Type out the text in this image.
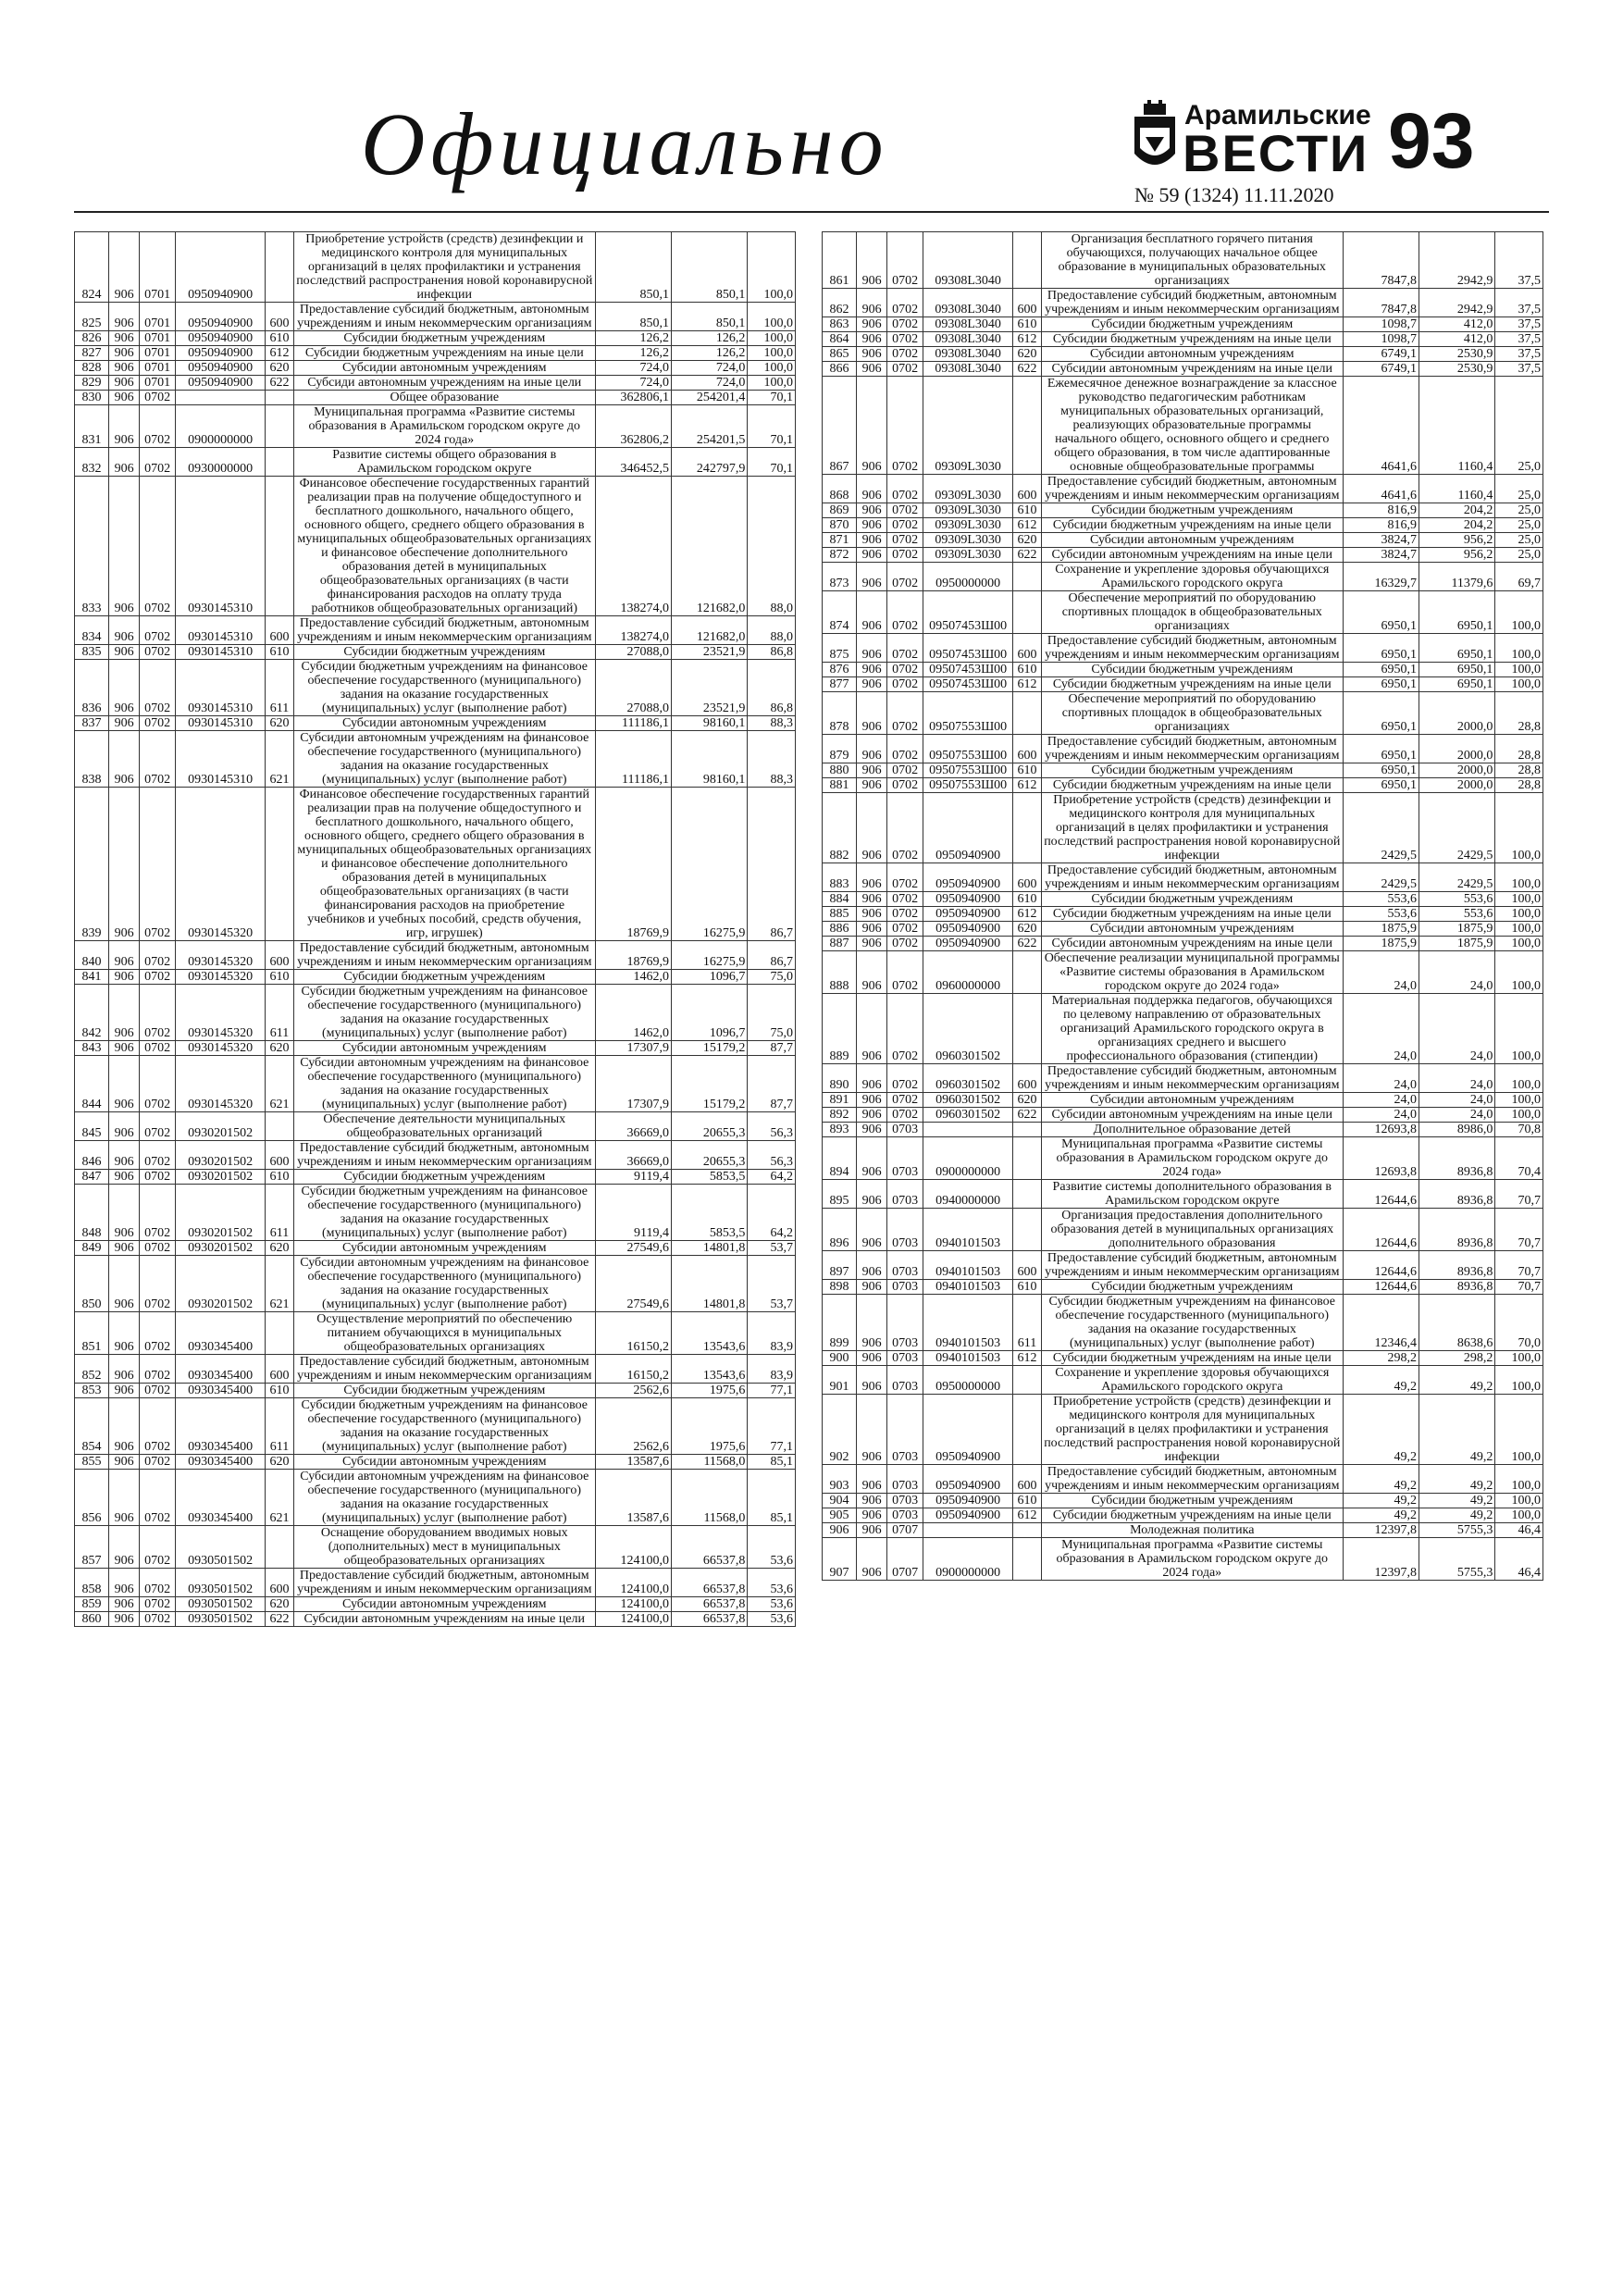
Официально	Арамильские
ВЕСТИ 93
№ 59 (1324) 11.11.2020
824	906	0701	0950940900		Приобретение устройств (средств) дезинфекции и медицинского контроля для муниципальных организаций в целях профилактики и устранения последствий распространения новой коронавирусной инфекции	850,1	850,1	100,0
825	906	0701	0950940900	600	Предоставление субсидий бюджетным, автономным учреждениям и иным некоммерческим организациям	850,1	850,1	100,0
826	906	0701	0950940900	610	Субсидии бюджетным учреждениям	126,2	126,2	100,0
827	906	0701	0950940900	612	Субсидии бюджетным учреждениям на иные цели	126,2	126,2	100,0
828	906	0701	0950940900	620	Субсидии автономным учреждениям	724,0	724,0	100,0
829	906	0701	0950940900	622	Субсиди автономным учреждениям на иные цели	724,0	724,0	100,0
830	906	0702			Общее образование	362806,1	254201,4	70,1
831	906	0702	0900000000		Муниципальная программа «Развитие системы образования в Арамильском городском округе до 2024 года»	362806,2	254201,5	70,1
832	906	0702	0930000000		Развитие системы общего образования в Арамильском городском округе	346452,5	242797,9	70,1
833	906	0702	0930145310		Финансовое обеспечение государственных гарантий реализации прав на получение общедоступного и бесплатного дошкольного, начального общего, основного общего, среднего общего образования в муниципальных общеобразовательных организациях и финансовое обеспечение дополнительного образования детей в муниципальных общеобразовательных организациях (в части финансирования расходов на оплату труда работников общеобразовательных организаций)	138274,0	121682,0	88,0
834	906	0702	0930145310	600	Предоставление субсидий бюджетным, автономным учреждениям и иным некоммерческим организациям	138274,0	121682,0	88,0
835	906	0702	0930145310	610	Субсидии бюджетным учреждениям	27088,0	23521,9	86,8
836	906	0702	0930145310	611	Субсидии бюджетным учреждениям на финансовое обеспечение государственного (муниципального) задания на оказание государственных (муниципальных) услуг (выполнение работ)	27088,0	23521,9	86,8
837	906	0702	0930145310	620	Субсидии автономным учреждениям	111186,1	98160,1	88,3
838	906	0702	0930145310	621	Субсидии автономным учреждениям на финансовое обеспечение государственного (муниципального) задания на оказание государственных (муниципальных) услуг (выполнение работ)	111186,1	98160,1	88,3
839	906	0702	0930145320		Финансовое обеспечение государственных гарантий реализации прав на получение общедоступного и бесплатного дошкольного, начального общего, основного общего, среднего общего образования в муниципальных общеобразовательных организациях и финансовое обеспечение дополнительного образования детей в муниципальных общеобразовательных организациях (в части финансирования расходов на приобретение учебников и учебных пособий, средств обучения, игр, игрушек)	18769,9	16275,9	86,7
840	906	0702	0930145320	600	Предоставление субсидий бюджетным, автономным учреждениям и иным некоммерческим организациям	18769,9	16275,9	86,7
841	906	0702	0930145320	610	Субсидии бюджетным учреждениям	1462,0	1096,7	75,0
842	906	0702	0930145320	611	Субсидии бюджетным учреждениям на финансовое обеспечение государственного (муниципального) задания на оказание государственных (муниципальных) услуг (выполнение работ)	1462,0	1096,7	75,0
843	906	0702	0930145320	620	Субсидии автономным учреждениям	17307,9	15179,2	87,7
844	906	0702	0930145320	621	Субсидии автономным учреждениям на финансовое обеспечение государственного (муниципального) задания на оказание государственных (муниципальных) услуг (выполнение работ)	17307,9	15179,2	87,7
845	906	0702	0930201502		Обеспечение деятельности муниципальных общеобразовательных организаций	36669,0	20655,3	56,3
846	906	0702	0930201502	600	Предоставление субсидий бюджетным, автономным учреждениям и иным некоммерческим организациям	36669,0	20655,3	56,3
847	906	0702	0930201502	610	Субсидии бюджетным учреждениям	9119,4	5853,5	64,2
848	906	0702	0930201502	611	Субсидии бюджетным учреждениям на финансовое обеспечение государственного (муниципального) задания на оказание государственных (муниципальных) услуг (выполнение работ)	9119,4	5853,5	64,2
849	906	0702	0930201502	620	Субсидии автономным учреждениям	27549,6	14801,8	53,7
850	906	0702	0930201502	621	Субсидии автономным учреждениям на финансовое обеспечение государственного (муниципального) задания на оказание государственных (муниципальных) услуг (выполнение работ)	27549,6	14801,8	53,7
851	906	0702	0930345400		Осуществление мероприятий по обеспечению питанием обучающихся в муниципальных общеобразовательных организациях	16150,2	13543,6	83,9
852	906	0702	0930345400	600	Предоставление субсидий бюджетным, автономным учреждениям и иным некоммерческим организациям	16150,2	13543,6	83,9
853	906	0702	0930345400	610	Субсидии бюджетным учреждениям	2562,6	1975,6	77,1
854	906	0702	0930345400	611	Субсидии бюджетным учреждениям на финансовое обеспечение государственного (муниципального) задания на оказание государственных (муниципальных) услуг (выполнение работ)	2562,6	1975,6	77,1
855	906	0702	0930345400	620	Субсидии автономным учреждениям	13587,6	11568,0	85,1
856	906	0702	0930345400	621	Субсидии автономным учреждениям на финансовое обеспечение государственного (муниципального) задания на оказание государственных (муниципальных) услуг (выполнение работ)	13587,6	11568,0	85,1
857	906	0702	0930501502		Оснащение оборудованием вводимых новых (дополнительных) мест в муниципальных общеобразовательных организациях	124100,0	66537,8	53,6
858	906	0702	0930501502	600	Предоставление субсидий бюджетным, автономным учреждениям и иным некоммерческим организациям	124100,0	66537,8	53,6
859	906	0702	0930501502	620	Субсидии автономным учреждениям	124100,0	66537,8	53,6
860	906	0702	0930501502	622	Субсидии автономным учреждениям на иные цели	124100,0	66537,8	53,6
861	906	0702	09308L3040		Организация бесплатного горячего питания обучающихся, получающих начальное общее образование в муниципальных образовательных организациях	7847,8	2942,9	37,5
862	906	0702	09308L3040	600	Предоставление субсидий бюджетным, автономным учреждениям и иным некоммерческим организациям	7847,8	2942,9	37,5
863	906	0702	09308L3040	610	Субсидии бюджетным учреждениям	1098,7	412,0	37,5
864	906	0702	09308L3040	612	Субсидии бюджетным учреждениям на иные цели	1098,7	412,0	37,5
865	906	0702	09308L3040	620	Субсидии автономным учреждениям	6749,1	2530,9	37,5
866	906	0702	09308L3040	622	Субсидии автономным учреждениям на иные цели	6749,1	2530,9	37,5
867	906	0702	09309L3030		Ежемесячное денежное вознаграждение за классное руководство педагогическим работникам муниципальных образовательных организаций, реализующих образовательные программы начального общего, основного общего и среднего общего образования, в том числе адаптированные основные общеобразовательные программы	4641,6	1160,4	25,0
868	906	0702	09309L3030	600	Предоставление субсидий бюджетным, автономным учреждениям и иным некоммерческим организациям	4641,6	1160,4	25,0
869	906	0702	09309L3030	610	Субсидии бюджетным учреждениям	816,9	204,2	25,0
870	906	0702	09309L3030	612	Субсидии бюджетным учреждениям на иные цели	816,9	204,2	25,0
871	906	0702	09309L3030	620	Субсидии автономным учреждениям	3824,7	956,2	25,0
872	906	0702	09309L3030	622	Субсидии автономным учреждениям на иные цели	3824,7	956,2	25,0
873	906	0702	0950000000		Сохранение и укрепление здоровья обучающихся Арамильского городского округа	16329,7	11379,6	69,7
874	906	0702	09507453Ш00		Обеспечение мероприятий по оборудованию спортивных площадок в общеобразовательных организациях	6950,1	6950,1	100,0
875	906	0702	09507453Ш00	600	Предоставление субсидий бюджетным, автономным учреждениям и иным некоммерческим организациям	6950,1	6950,1	100,0
876	906	0702	09507453Ш00	610	Субсидии бюджетным учреждениям	6950,1	6950,1	100,0
877	906	0702	09507453Ш00	612	Субсидии бюджетным учреждениям на иные цели	6950,1	6950,1	100,0
878	906	0702	09507553Ш00		Обеспечение мероприятий по оборудованию спортивных площадок в общеобразовательных организациях	6950,1	2000,0	28,8
879	906	0702	09507553Ш00	600	Предоставление субсидий бюджетным, автономным учреждениям и иным некоммерческим организациям	6950,1	2000,0	28,8
880	906	0702	09507553Ш00	610	Субсидии бюджетным учреждениям	6950,1	2000,0	28,8
881	906	0702	09507553Ш00	612	Субсидии бюджетным учреждениям на иные цели	6950,1	2000,0	28,8
882	906	0702	0950940900		Приобретение устройств (средств) дезинфекции и медицинского контроля для муниципальных организаций в целях профилактики и устранения последствий распространения новой коронавирусной инфекции	2429,5	2429,5	100,0
883	906	0702	0950940900	600	Предоставление субсидий бюджетным, автономным учреждениям и иным некоммерческим организациям	2429,5	2429,5	100,0
884	906	0702	0950940900	610	Субсидии бюджетным учреждениям	553,6	553,6	100,0
885	906	0702	0950940900	612	Субсидии бюджетным учреждениям на иные цели	553,6	553,6	100,0
886	906	0702	0950940900	620	Субсидии автономным учреждениям	1875,9	1875,9	100,0
887	906	0702	0950940900	622	Субсидии автономным учреждениям на иные цели	1875,9	1875,9	100,0
888	906	0702	0960000000		Обеспечение реализации муниципальной программы «Развитие системы образования в Арамильском городском округе до 2024 года»	24,0	24,0	100,0
889	906	0702	0960301502		Материальная поддержка педагогов, обучающихся по целевому направлению от образовательных организаций Арамильского городского округа в организациях среднего и высшего профессионального образования (стипендии)	24,0	24,0	100,0
890	906	0702	0960301502	600	Предоставление субсидий бюджетным, автономным учреждениям и иным некоммерческим организациям	24,0	24,0	100,0
891	906	0702	0960301502	620	Субсидии автономным учреждениям	24,0	24,0	100,0
892	906	0702	0960301502	622	Субсидии автономным учреждениям на иные цели	24,0	24,0	100,0
893	906	0703			Дополнительное образование детей	12693,8	8986,0	70,8
894	906	0703	0900000000		Муниципальная программа «Развитие системы образования в Арамильском городском округе до 2024 года»	12693,8	8936,8	70,4
895	906	0703	0940000000		Развитие системы дополнительного образования в Арамильском городском округе	12644,6	8936,8	70,7
896	906	0703	0940101503		Организация предоставления дополнительного образования детей в муниципальных организациях дополнительного образования	12644,6	8936,8	70,7
897	906	0703	0940101503	600	Предоставление субсидий бюджетным, автономным учреждениям и иным некоммерческим организациям	12644,6	8936,8	70,7
898	906	0703	0940101503	610	Субсидии бюджетным учреждениям	12644,6	8936,8	70,7
899	906	0703	0940101503	611	Субсидии бюджетным учреждениям на финансовое обеспечение государственного (муниципального) задания на оказание государственных (муниципальных) услуг (выполнение работ)	12346,4	8638,6	70,0
900	906	0703	0940101503	612	Субсидии бюджетным учреждениям на иные цели	298,2	298,2	100,0
901	906	0703	0950000000		Сохранение и укрепление здоровья обучающихся Арамильского городского округа	49,2	49,2	100,0
902	906	0703	0950940900		Приобретение устройств (средств) дезинфекции и медицинского контроля для муниципальных организаций в целях профилактики и устранения последствий распространения новой коронавирусной инфекции	49,2	49,2	100,0
903	906	0703	0950940900	600	Предоставление субсидий бюджетным, автономным учреждениям и иным некоммерческим организациям	49,2	49,2	100,0
904	906	0703	0950940900	610	Субсидии бюджетным учреждениям	49,2	49,2	100,0
905	906	0703	0950940900	612	Субсидии бюджетным учреждениям на иные цели	49,2	49,2	100,0
906	906	0707			Молодежная политика	12397,8	5755,3	46,4
907	906	0707	0900000000		Муниципальная программа «Развитие системы образования в Арамильском городском округе до 2024 года»	12397,8	5755,3	46,4
